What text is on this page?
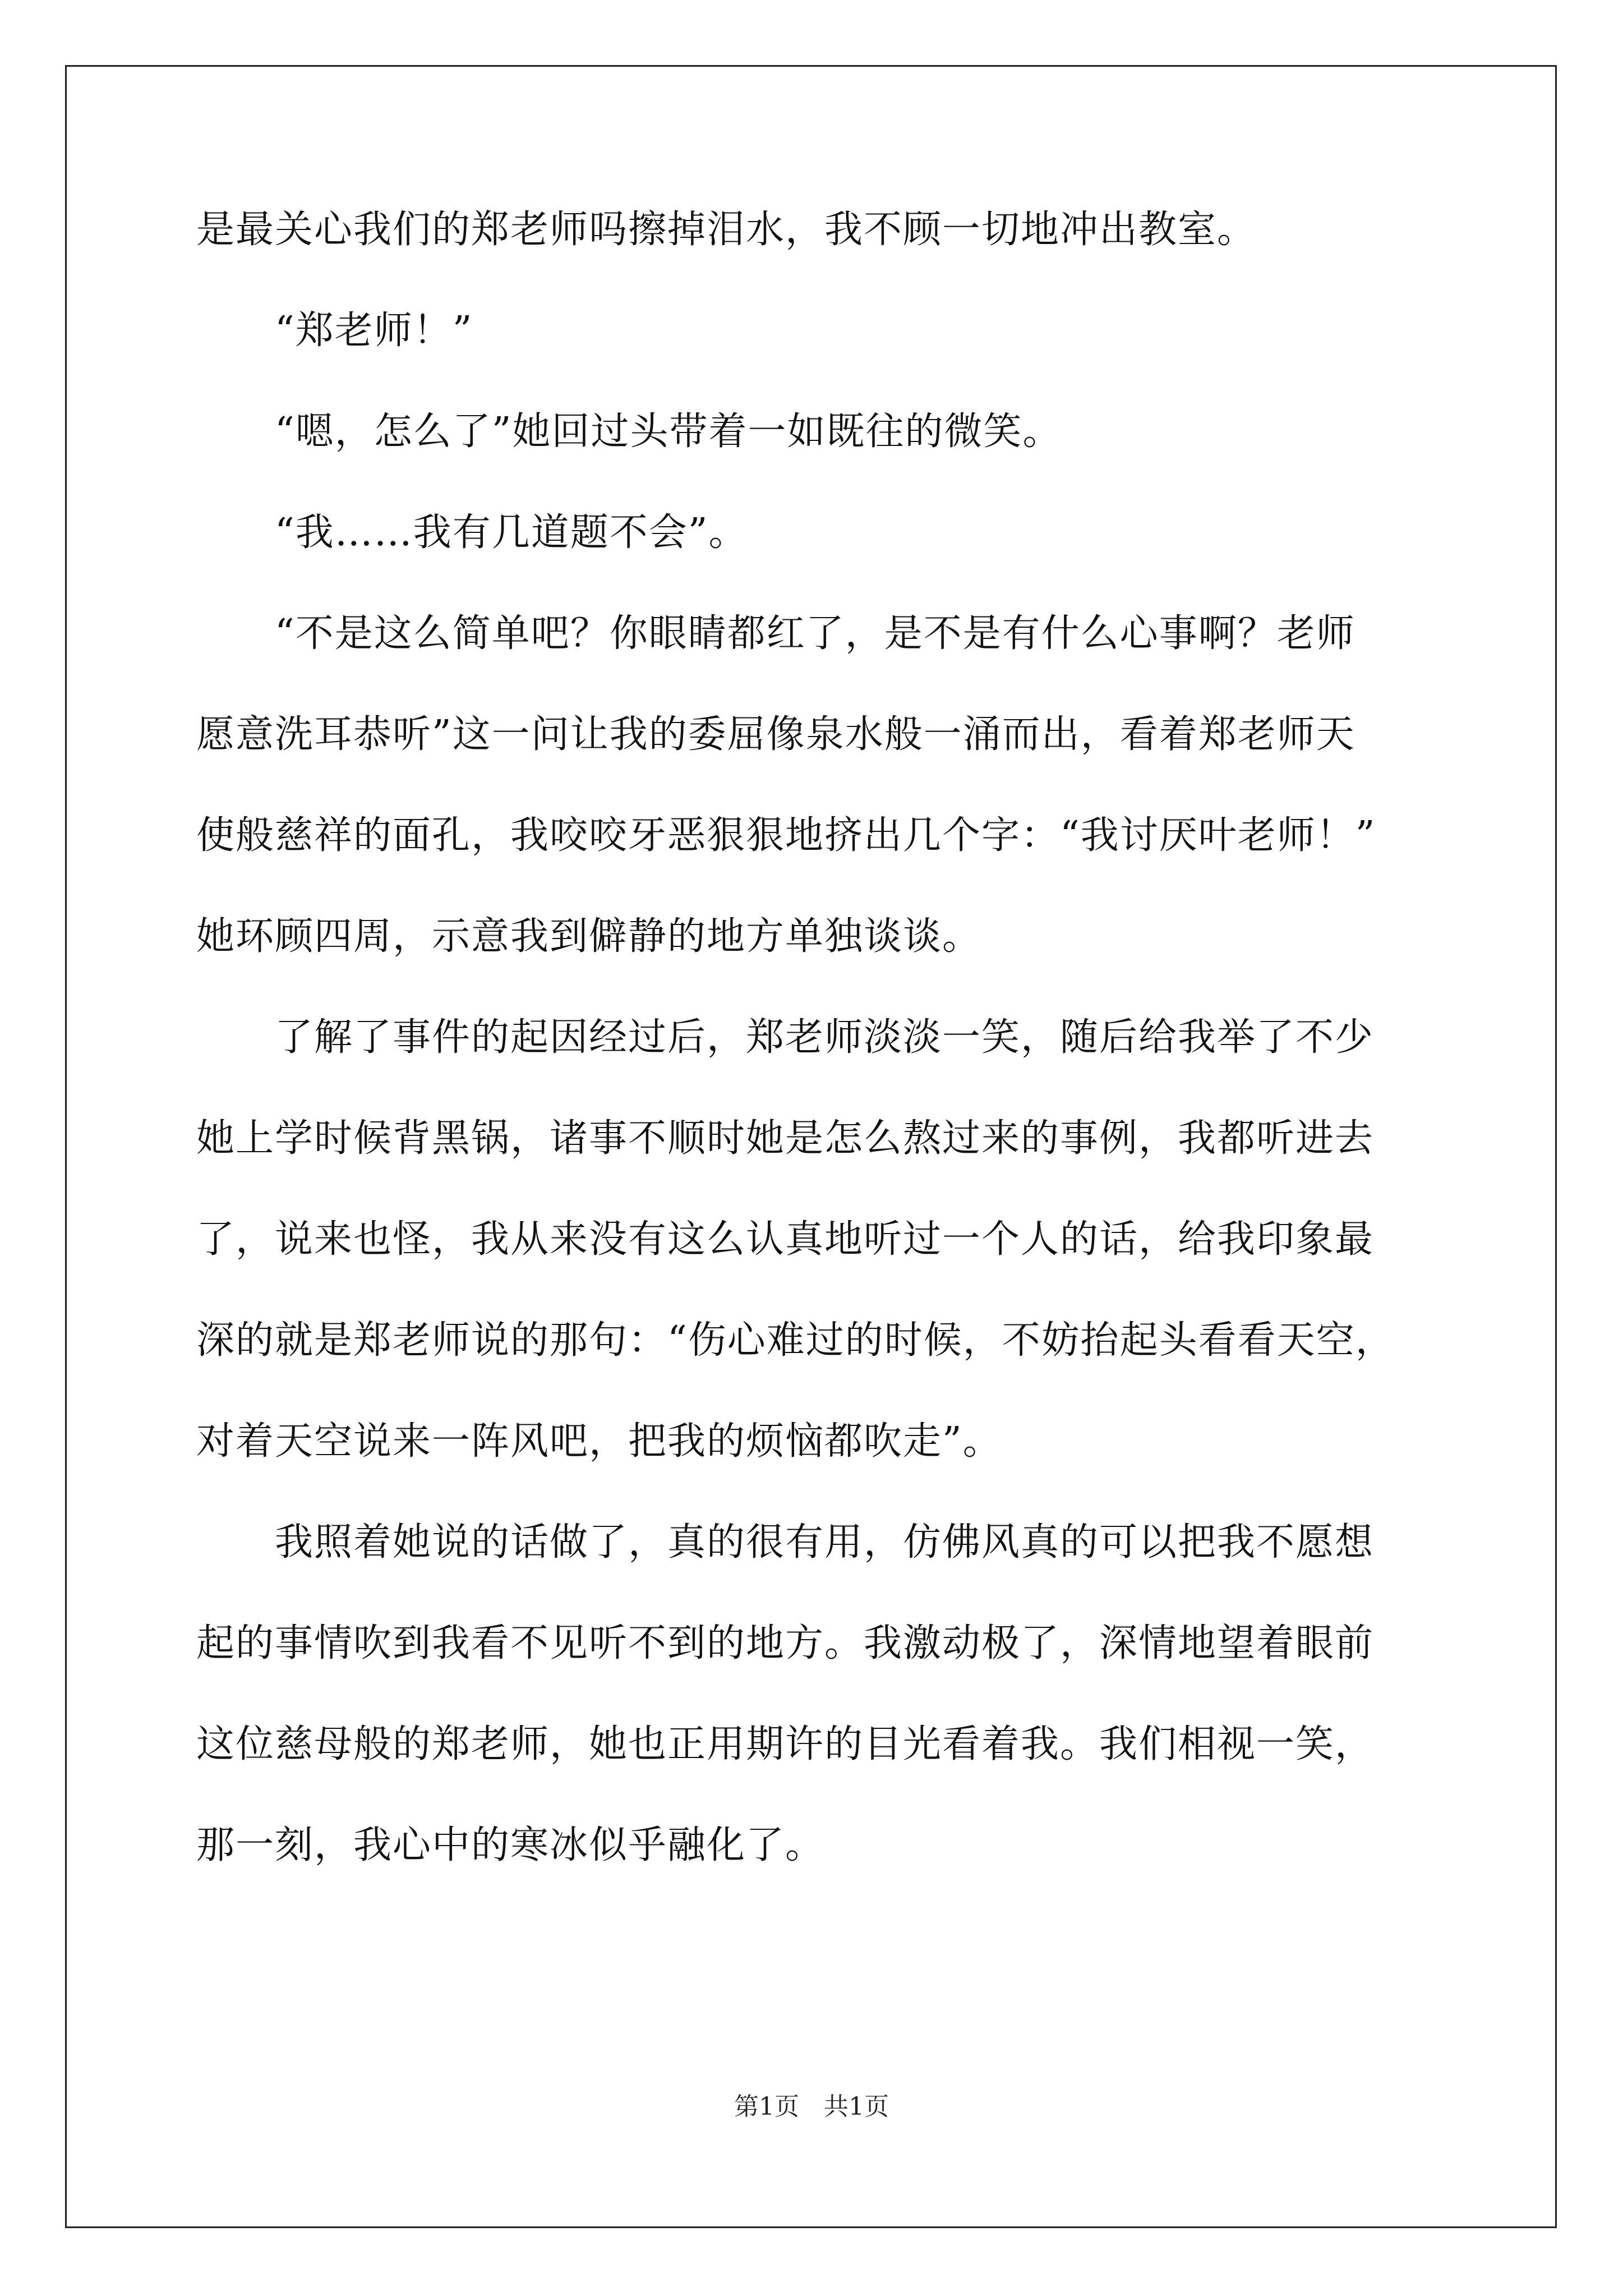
是最关心我们的郑老师吗擦掉泪水，我不顾一切地冲出教室。
　　“郑老师！”
　　“嗯，怎么了”她回过头带着一如既往的微笑。
　　“我……我有几道题不会”。
　　“不是这么简单吧？你眼睛都红了，是不是有什么心事啊？老师
愿意洗耳恭听”这一问让我的委屈像泉水般一涌而出，看着郑老师天
使般慈祥的面孔，我咬咬牙恶狠狠地挤出几个字：“我讨厌叶老师！”
她环顾四周，示意我到僻静的地方单独谈谈。
　　了解了事件的起因经过后，郑老师淡淡一笑，随后给我举了不少
她上学时候背黑锅，诸事不顺时她是怎么熬过来的事例，我都听进去
了，说来也怪，我从来没有这么认真地听过一个人的话，给我印象最
深的就是郑老师说的那句：“伤心难过的时候，不妨抬起头看看天空，
对着天空说来一阵风吧，把我的烦恼都吹走”。
　　我照着她说的话做了，真的很有用，仿佛风真的可以把我不愿想
起的事情吹到我看不见听不到的地方。我激动极了，深情地望着眼前
这位慈母般的郑老师，她也正用期许的目光看着我。我们相视一笑，
那一刻，我心中的寒冰似乎融化了。
第1页　共1页
